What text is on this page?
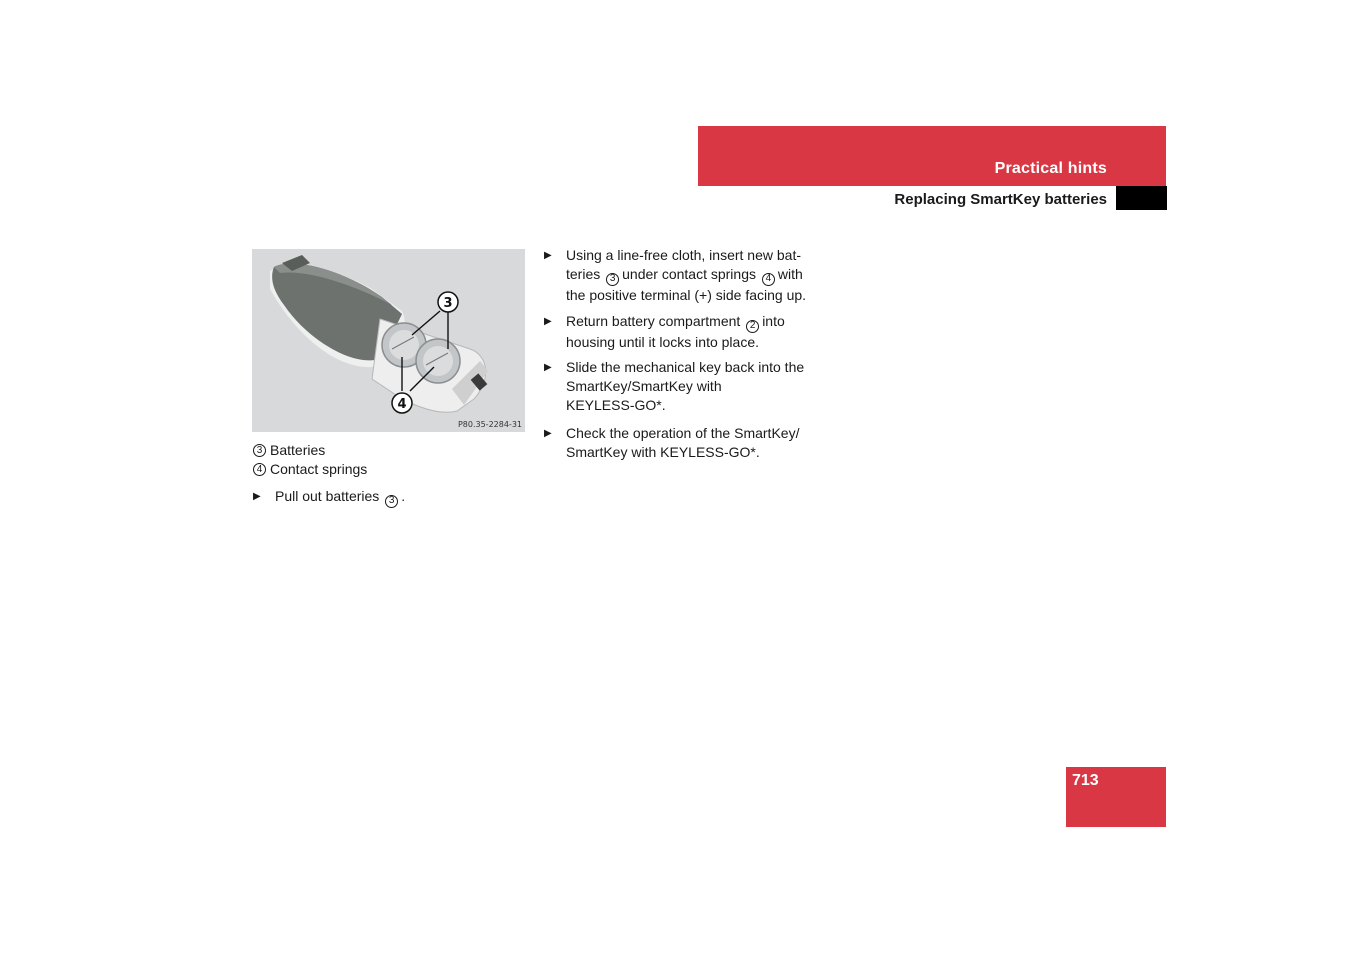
Practical hints
Replacing SmartKey batteries
3
4
P80.35-2284-31
3 Batteries
4 Contact springs
▶ Pull out batteries 3 .
▶ Using a line-free cloth, insert new bat-
teries 3 under contact springs 4 with
the positive terminal (+) side facing up.
▶ Return battery compartment 2 into
housing until it locks into place.
▶ Slide the mechanical key back into the
SmartKey/SmartKey with
KEYLESS-GO*.
▶ Check the operation of the SmartKey/
SmartKey with KEYLESS-GO*.
713
